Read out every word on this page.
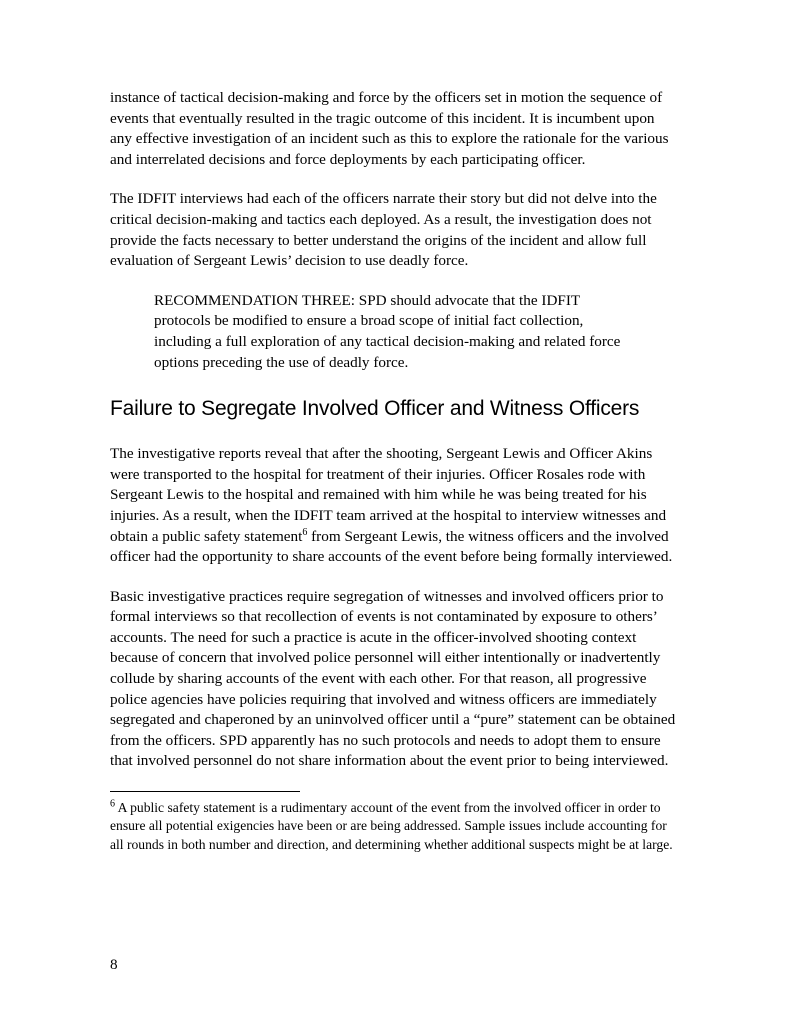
instance of tactical decision-making and force by the officers set in motion the sequence of events that eventually resulted in the tragic outcome of this incident. It is incumbent upon any effective investigation of an incident such as this to explore the rationale for the various and interrelated decisions and force deployments by each participating officer.

The IDFIT interviews had each of the officers narrate their story but did not delve into the critical decision-making and tactics each deployed. As a result, the investigation does not provide the facts necessary to better understand the origins of the incident and allow full evaluation of Sergeant Lewis’ decision to use deadly force.

RECOMMENDATION THREE: SPD should advocate that the IDFIT protocols be modified to ensure a broad scope of initial fact collection, including a full exploration of any tactical decision-making and related force options preceding the use of deadly force.

Failure to Segregate Involved Officer and Witness Officers

The investigative reports reveal that after the shooting, Sergeant Lewis and Officer Akins were transported to the hospital for treatment of their injuries. Officer Rosales rode with Sergeant Lewis to the hospital and remained with him while he was being treated for his injuries. As a result, when the IDFIT team arrived at the hospital to interview witnesses and obtain a public safety statement$^6$ from Sergeant Lewis, the witness officers and the involved officer had the opportunity to share accounts of the event before being formally interviewed.

Basic investigative practices require segregation of witnesses and involved officers prior to formal interviews so that recollection of events is not contaminated by exposure to others’ accounts. The need for such a practice is acute in the officer-involved shooting context because of concern that involved police personnel will either intentionally or inadvertently collude by sharing accounts of the event with each other. For that reason, all progressive police agencies have policies requiring that involved and witness officers are immediately segregated and chaperoned by an uninvolved officer until a “pure” statement can be obtained from the officers. SPD apparently has no such protocols and needs to adopt them to ensure that involved personnel do not share information about the event prior to being interviewed.

$^6$ A public safety statement is a rudimentary account of the event from the involved officer in order to ensure all potential exigencies have been or are being addressed. Sample issues include accounting for all rounds in both number and direction, and determining whether additional suspects might be at large.

8
